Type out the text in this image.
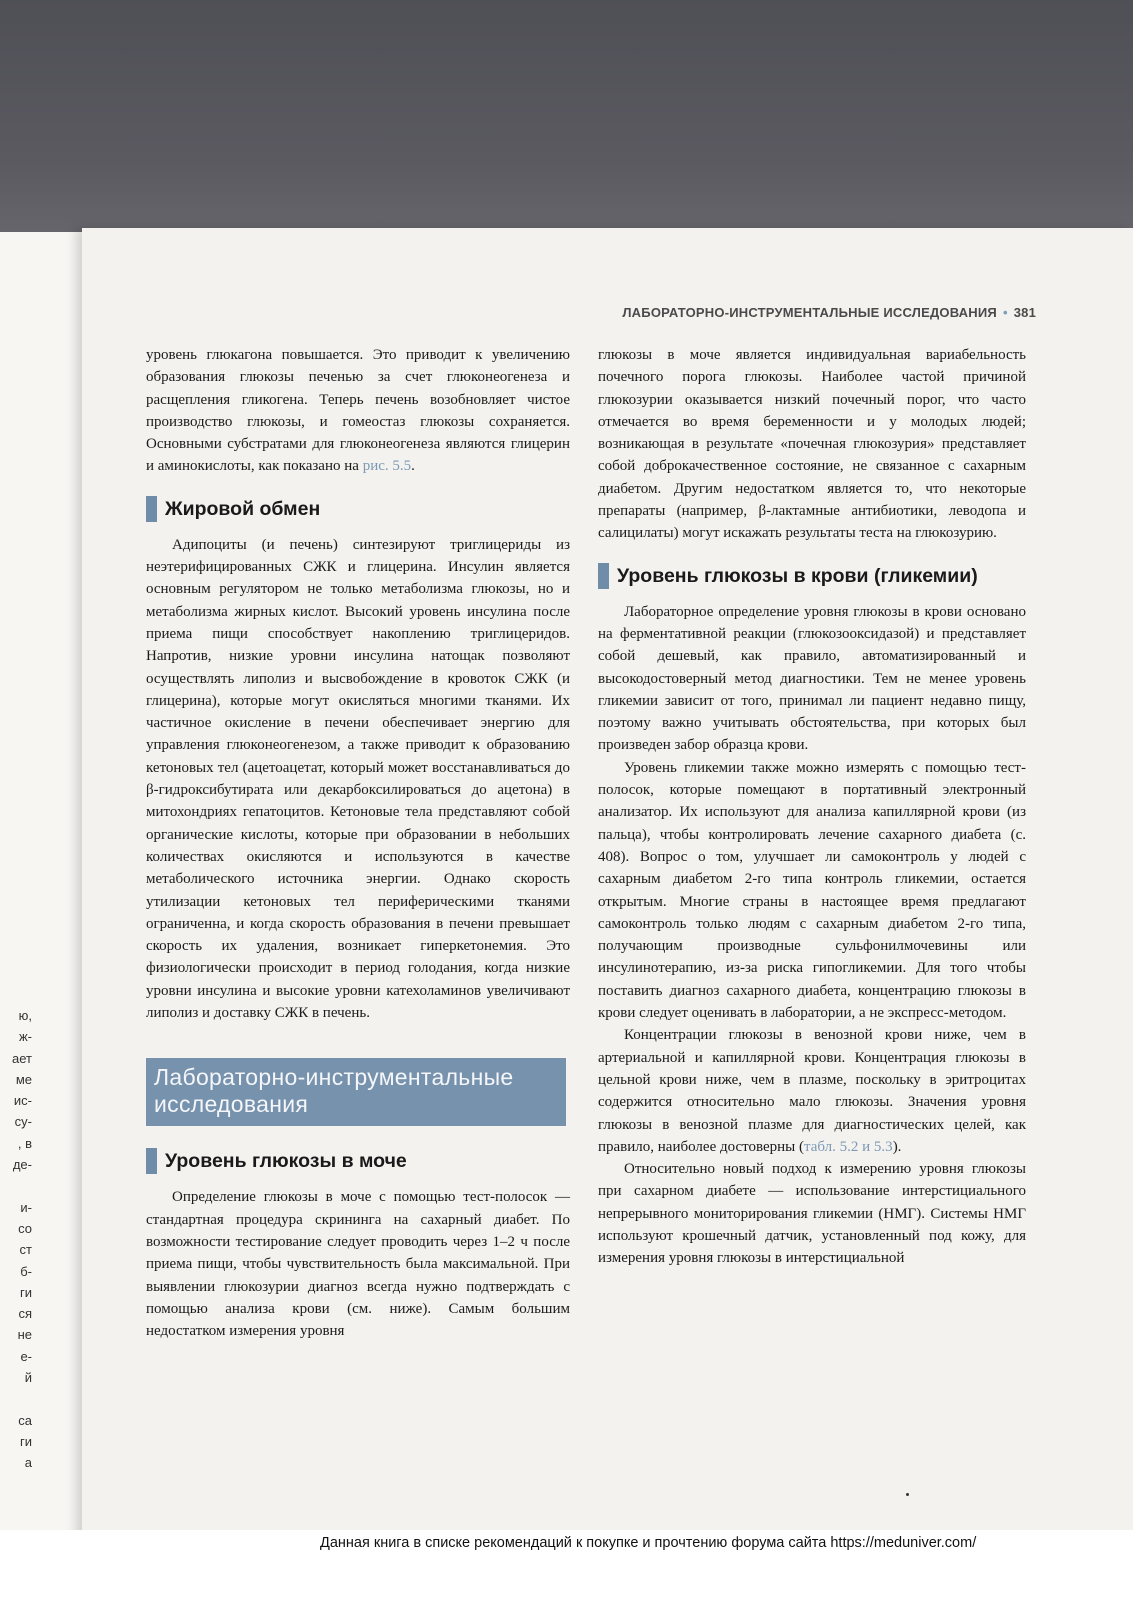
ю,
ж-
ает
ме
ис-
су-
, в
де-

и-
со
ст
б-
ги
ся
не
е-
й

са
ги
а
ЛАБОРАТОРНО-ИНСТРУМЕНТАЛЬНЫЕ ИССЛЕДОВАНИЯ • 381

уровень глюкагона повышается. Это приводит к увеличению образования глюкозы печенью за счет глюконеогенеза и расщепления гликогена. Теперь печень возобновляет чистое производство глюкозы, и гомеостаз глюкозы сохраняется. Основными субстратами для глюконеогенеза являются глицерин и аминокислоты, как показано на рис. 5.5.

Жировой обмен

Адипоциты (и печень) синтезируют триглицериды из неэтерифицированных СЖК и глицерина. Инсулин является основным регулятором не только метаболизма глюкозы, но и метаболизма жирных кислот. Высокий уровень инсулина после приема пищи способствует накоплению триглицеридов. Напротив, низкие уровни инсулина натощак позволяют осуществлять липолиз и высвобождение в кровоток СЖК (и глицерина), которые могут окисляться многими тканями. Их частичное окисление в печени обеспечивает энергию для управления глюконеогенезом, а также приводит к образованию кетоновых тел (ацетоацетат, который может восстанавливаться до β-гидроксибутирата или декарбоксилироваться до ацетона) в митохондриях гепатоцитов. Кетоновые тела представляют собой органические кислоты, которые при образовании в небольших количествах окисляются и используются в качестве метаболического источника энергии. Однако скорость утилизации кетоновых тел периферическими тканями ограниченна, и когда скорость образования в печени превышает скорость их удаления, возникает гиперкетонемия. Это физиологически происходит в период голодания, когда низкие уровни инсулина и высокие уровни катехоламинов увеличивают липолиз и доставку СЖК в печень.

Лабораторно-инструментальные исследования
Уровень глюкозы в моче

Определение глюкозы в моче с помощью тест-полосок — стандартная процедура скрининга на сахарный диабет. По возможности тестирование следует проводить через 1–2 ч после приема пищи, чтобы чувствительность была максимальной. При выявлении глюкозурии диагноз всегда нужно подтверждать с помощью анализа крови (см. ниже). Самым большим недостатком измерения уровня

глюкозы в моче является индивидуальная вариабельность почечного порога глюкозы. Наиболее частой причиной глюкозурии оказывается низкий почечный порог, что часто отмечается во время беременности и у молодых людей; возникающая в результате «почечная глюкозурия» представляет собой доброкачественное состояние, не связанное с сахарным диабетом. Другим недостатком является то, что некоторые препараты (например, β-лактамные антибиотики, леводопа и салицилаты) могут искажать результаты теста на глюкозурию.

Уровень глюкозы в крови (гликемии)

Лабораторное определение уровня глюкозы в крови основано на ферментативной реакции (глюкозооксидазой) и представляет собой дешевый, как правило, автоматизированный и высокодостоверный метод диагностики. Тем не менее уровень гликемии зависит от того, принимал ли пациент недавно пищу, поэтому важно учитывать обстоятельства, при которых был произведен забор образца крови.

Уровень гликемии также можно измерять с помощью тест-полосок, которые помещают в портативный электронный анализатор. Их используют для анализа капиллярной крови (из пальца), чтобы контролировать лечение сахарного диабета (с. 408). Вопрос о том, улучшает ли самоконтроль у людей с сахарным диабетом 2-го типа контроль гликемии, остается открытым. Многие страны в настоящее время предлагают самоконтроль только людям с сахарным диабетом 2-го типа, получающим производные сульфонилмочевины или инсулинотерапию, из-за риска гипогликемии. Для того чтобы поставить диагноз сахарного диабета, концентрацию глюкозы в крови следует оценивать в лаборатории, а не экспресс-методом.

Концентрации глюкозы в венозной крови ниже, чем в артериальной и капиллярной крови. Концентрация глюкозы в цельной крови ниже, чем в плазме, поскольку в эритроцитах содержится относительно мало глюкозы. Значения уровня глюкозы в венозной плазме для диагностических целей, как правило, наиболее достоверны (табл. 5.2 и 5.3).

Относительно новый подход к измерению уровня глюкозы при сахарном диабете — использование интерстициального непрерывного мониторирования гликемии (НМГ). Системы НМГ используют крошечный датчик, установленный под кожу, для измерения уровня глюкозы в интерстициальной

Данная книга в списке рекомендаций к покупке и прочтению форума сайта https://meduniver.com/
